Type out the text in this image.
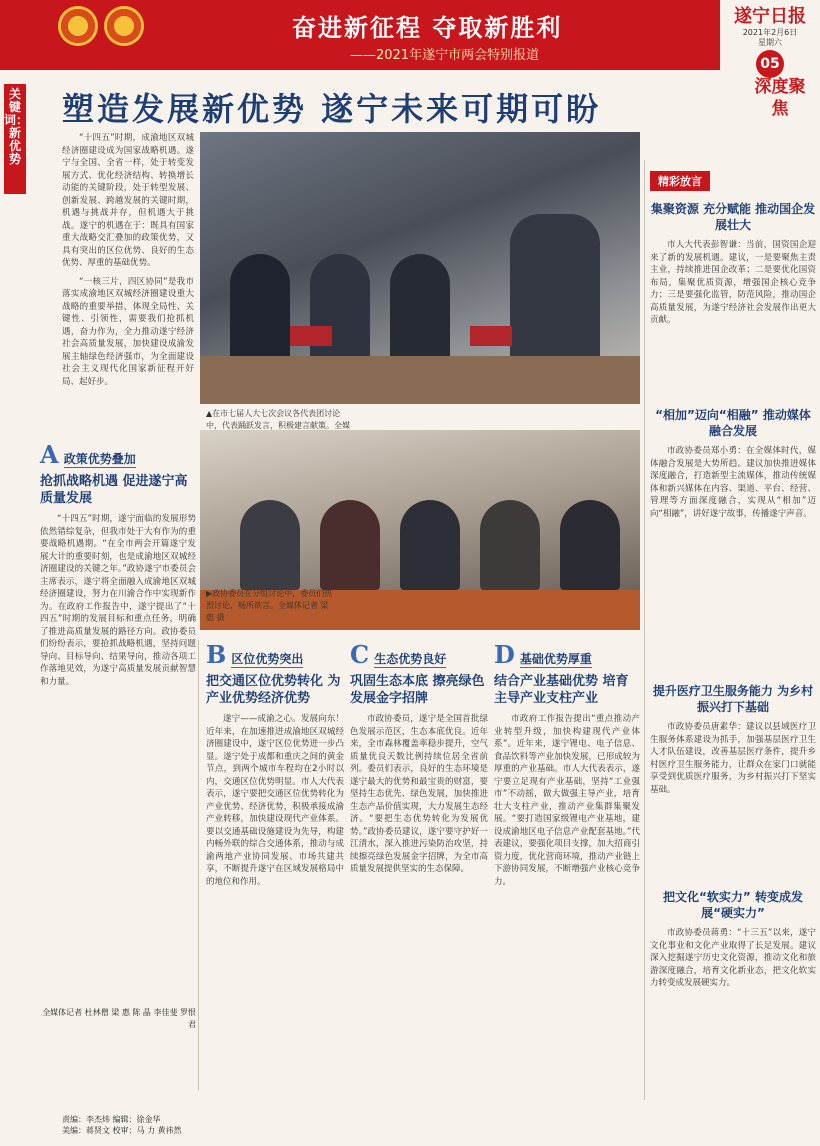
奋进新征程 夺取新胜利
——2021年遂宁市两会特别报道
遂宁日报
2021年2月6日
星期六
05
深度聚焦
关键词：新优势
塑造发展新优势 遂宁未来可期可盼

“十四五”时期，成渝地区双城经济圈建设成为国家战略机遇。遂宁与全国、全省一样，处于转变发展方式、优化经济结构、转换增长动能的关键阶段，处于转型发展、创新发展、跨越发展的关键时期，机遇与挑战并存，但机遇大于挑战。遂宁的机遇在于：既具有国家重大战略交汇叠加的政策优势，又具有突出的区位优势、良好的生态优势、厚重的基础优势。

“一核三片，四区协同”是我市落实成渝地区双城经济圈建设重大战略的重要举措，体现全局性、关键性、引领性，需要我们抢抓机遇，奋力作为，全力推动遂宁经济社会高质量发展，加快建设成渝发展主轴绿色经济强市，为全面建设社会主义现代化国家新征程开好局、起好步。

▲在市七届人大七次会议各代表团讨论中，代表踊跃发言，积极建言献策。全媒
▶政协委员在分组讨论中，委员们热烈讨论，畅所欲言。全媒体记者 梁惠 摄
A 政策优势叠加
抢抓战略机遇 促进遂宁高质量发展

“十四五”时期，遂宁面临的发展形势依然错综复杂，但我市处于大有作为的重要战略机遇期。“在全市两会开篇遂宁发展大计的重要时刻，也是成渝地区双城经济圈建设的关键之年。”政协遂宁市委员会主席表示，遂宁将全面融入成渝地区双城经济圈建设，努力在川渝合作中实现新作为。在政府工作报告中，遂宁提出了“十四五”时期的发展目标和重点任务，明确了推进高质量发展的路径方向。政协委员们纷纷表示，要抢抓战略机遇，坚持问题导向、目标导向、结果导向，推动各项工作落地见效，为遂宁高质量发展贡献智慧和力量。

全媒体记者 杜林僧 梁 惠 陈 晶 李佳斐 罗恨君
B 区位优势突出
把交通区位优势转化 为产业优势经济优势

遂宁——成渝之心。发展向东！近年来，在加速推进成渝地区双城经济圈建设中，遂宁区位优势进一步凸显。遂宁处于成都和重庆之间的黄金节点，到两个城市车程均在2小时以内，交通区位优势明显。市人大代表表示，遂宁要把交通区位优势转化为产业优势、经济优势，积极承接成渝产业转移，加快建设现代产业体系。要以交通基础设施建设为先导，构建内畅外联的综合交通体系，推动与成渝两地产业协同发展、市场共建共享，不断提升遂宁在区域发展格局中的地位和作用。

C 生态优势良好
巩固生态本底 擦亮绿色发展金字招牌

市政协委员，遂宁是全国首批绿色发展示范区，生态本底优良。近年来，全市森林覆盖率稳步提升，空气质量优良天数比例持续位居全省前列。委员们表示，良好的生态环境是遂宁最大的优势和最宝贵的财富，要坚持生态优先、绿色发展，加快推进生态产品价值实现，大力发展生态经济。“要把生态优势转化为发展优势。”政协委员建议，遂宁要守护好一江清水，深入推进污染防治攻坚，持续擦亮绿色发展金字招牌，为全市高质量发展提供坚实的生态保障。

D 基础优势厚重
结合产业基础优势 培育主导产业支柱产业

市政府工作报告提出“重点推动产业转型升级，加快构建现代产业体系”。近年来，遂宁锂电、电子信息、食品饮料等产业加快发展，已形成较为厚重的产业基础。市人大代表表示，遂宁要立足现有产业基础，坚持“工业强市”不动摇，做大做强主导产业，培育壮大支柱产业，推动产业集群集聚发展。“要打造国家级锂电产业基地，建设成渝地区电子信息产业配套基地。”代表建议，要强化项目支撑，加大招商引资力度，优化营商环境，推动产业链上下游协同发展，不断增强产业核心竞争力。

精彩放言
集聚资源 充分赋能 推动国企发展壮大

市人大代表彭智谦：当前，国资国企迎来了新的发展机遇。建议，一是要聚焦主责主业，持续推进国企改革；二是要优化国资布局，集聚优质资源，增强国企核心竞争力；三是要强化监管，防范风险，推动国企高质量发展，为遂宁经济社会发展作出更大贡献。

“相加”迈向“相融” 推动媒体融合发展

市政协委员郑小勇：在全媒体时代，媒体融合发展是大势所趋。建议加快推进媒体深度融合，打造新型主流媒体，推动传统媒体和新兴媒体在内容、渠道、平台、经营、管理等方面深度融合，实现从“相加”迈向“相融”，讲好遂宁故事，传播遂宁声音。

提升医疗卫生服务能力 为乡村振兴打下基础

市政协委员唐素华：建议以县域医疗卫生服务体系建设为抓手，加强基层医疗卫生人才队伍建设，改善基层医疗条件，提升乡村医疗卫生服务能力，让群众在家门口就能享受到优质医疗服务，为乡村振兴打下坚实基础。

把文化“软实力” 转变成发展“硬实力”

市政协委员蒋勇：“十三五”以来，遂宁文化事业和文化产业取得了长足发展。建议深入挖掘遂宁历史文化资源，推动文化和旅游深度融合，培育文化新业态，把文化软实力转变成发展硬实力。

责编：李杰炜 编辑：徐金华
美编：蒋贤文 校审：马 力 黄祎然
